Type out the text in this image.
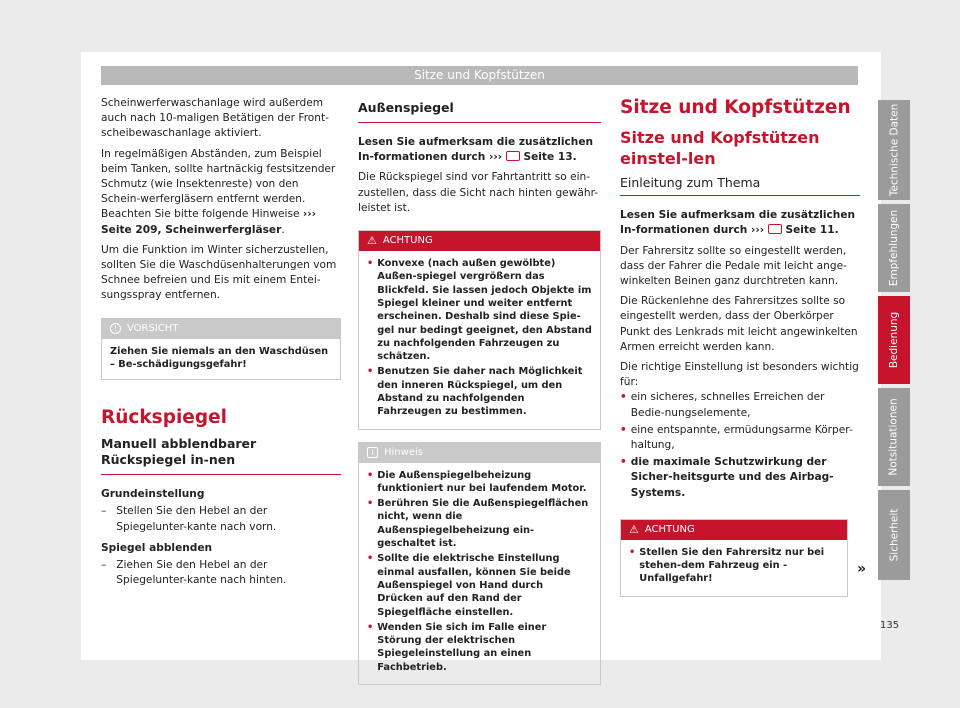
Sitze und Kopfstützen

Scheinwerferwaschanlage wird außerdem auch nach 10-maligen Betätigen der Front-scheibewaschanlage aktiviert.

In regelmäßigen Abständen, zum Beispiel beim Tanken, sollte hartnäckig festsitzender Schmutz (wie Insektenreste) von den Schein-werfergläsern entfernt werden. Beachten Sie bitte folgende Hinweise ››› Seite 209, Scheinwerfergläser.

Um die Funktion im Winter sicherzustellen, sollten Sie die Waschdüsenhalterungen vom Schnee befreien und Eis mit einem Entei-sungsspray entfernen.

! VORSICHT
Ziehen Sie niemals an den Waschdüsen – Be-schädigungsgefahr!
Rückspiegel
Manuell abblendbarer Rückspiegel in-nen

Grundeinstellung

– Stellen Sie den Hebel an der Spiegelunter-kante nach vorn.

Spiegel abblenden

– Ziehen Sie den Hebel an der Spiegelunter-kante nach hinten.
Außenspiegel

Lesen Sie aufmerksam die zusätzlichen In-formationen durch ››› Seite 13.

Die Rückspiegel sind vor Fahrtantritt so ein-zustellen, dass die Sicht nach hinten gewähr-leistet ist.

⚠ ACHTUNG
• Konvexe (nach außen gewölbte) Außen-spiegel vergrößern das Blickfeld. Sie lassen jedoch Objekte im Spiegel kleiner und weiter entfernt erscheinen. Deshalb sind diese Spie-gel nur bedingt geeignet, den Abstand zu nachfolgenden Fahrzeugen zu schätzen.
• Benutzen Sie daher nach Möglichkeit den inneren Rückspiegel, um den Abstand zu nachfolgenden Fahrzeugen zu bestimmen.
i	Hinweis
• Die Außenspiegelbeheizung funktioniert nur bei laufendem Motor.
• Berühren Sie die Außenspiegelflächen nicht, wenn die Außenspiegelbeheizung ein-geschaltet ist.
• Sollte die elektrische Einstellung einmal ausfallen, können Sie beide Außenspiegel von Hand durch Drücken auf den Rand der Spiegelfläche einstellen.
• Wenden Sie sich im Falle einer Störung der elektrischen Spiegeleinstellung an einen Fachbetrieb.
Sitze und Kopfstützen
Sitze und Kopfstützen einstel-len
Einleitung zum Thema

Lesen Sie aufmerksam die zusätzlichen In-formationen durch ››› Seite 11.

Der Fahrersitz sollte so eingestellt werden, dass der Fahrer die Pedale mit leicht ange-winkelten Beinen ganz durchtreten kann.

Die Rückenlehne des Fahrersitzes sollte so eingestellt werden, dass der Oberkörper Punkt des Lenkrads mit leicht angewinkelten Armen erreicht werden kann.

Die richtige Einstellung ist besonders wichtig für:

• ein sicheres, schnelles Erreichen der Bedie-nungselemente,
• eine entspannte, ermüdungsarme Körper-haltung,
• die maximale Schutzwirkung der Sicher-heitsgurte und des Airbag-Systems.
⚠ ACHTUNG
• Stellen Sie den Fahrersitz nur bei stehen-dem Fahrzeug ein - Unfallgefahr!
»
Technische Daten
Empfehlungen
Bedienung
Notsituationen
Sicherheit
135
